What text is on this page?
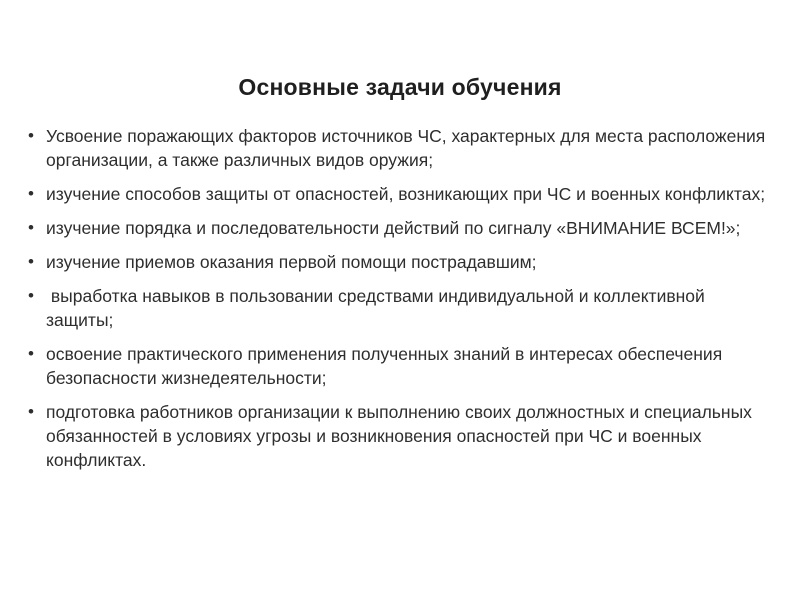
Основные задачи обучения
• Усвоение поражающих факторов источников ЧС, характерных для места расположения организации, а также различных видов оружия;
• изучение способов защиты от опасностей, возникающих при ЧС и военных конфликтах;
• изучение порядка и последовательности действий по сигналу «ВНИМАНИЕ ВСЕМ!»;
• изучение приемов оказания первой помощи пострадавшим;
• выработка навыков в пользовании средствами индивидуальной и коллективной защиты;
• освоение практического применения полученных знаний в интересах обеспечения безопасности жизнедеятельности;
• подготовка работников организации к выполнению своих должностных и специальных обязанностей в условиях угрозы и возникновения опасностей при ЧС и военных конфликтах.
